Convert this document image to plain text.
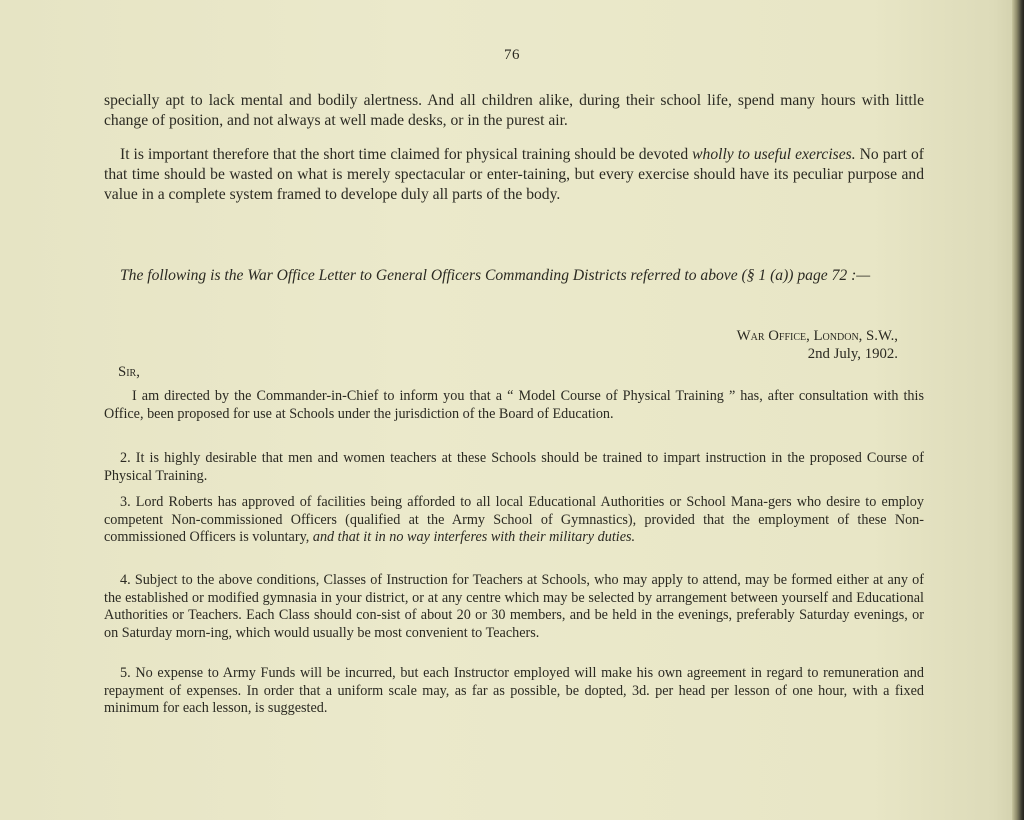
76

specially apt to lack mental and bodily alertness. And all children alike, during their school life, spend many hours with little change of position, and not always at well made desks, or in the purest air.

It is important therefore that the short time claimed for physical training should be devoted wholly to useful exercises. No part of that time should be wasted on what is merely spectacular or enter-taining, but every exercise should have its peculiar purpose and value in a complete system framed to develope duly all parts of the body.

The following is the War Office Letter to General Officers Commanding Districts referred to above (§ 1 (a)) page 72 :—

War Office, London, S.W.,

2nd July, 1902.

Sir,

I am directed by the Commander-in-Chief to inform you that a “ Model Course of Physical Training ” has, after consultation with this Office, been proposed for use at Schools under the jurisdiction of the Board of Education.

2. It is highly desirable that men and women teachers at these Schools should be trained to impart instruction in the proposed Course of Physical Training.

3. Lord Roberts has approved of facilities being afforded to all local Educational Authorities or School Mana-gers who desire to employ competent Non-commissioned Officers (qualified at the Army School of Gymnastics), provided that the employment of these Non-commissioned Officers is voluntary, and that it in no way interferes with their military duties.

4. Subject to the above conditions, Classes of Instruction for Teachers at Schools, who may apply to attend, may be formed either at any of the established or modified gymnasia in your district, or at any centre which may be selected by arrangement between yourself and Educational Authorities or Teachers. Each Class should con-sist of about 20 or 30 members, and be held in the evenings, preferably Saturday evenings, or on Saturday morn-ing, which would usually be most convenient to Teachers.

5. No expense to Army Funds will be incurred, but each Instructor employed will make his own agreement in regard to remuneration and repayment of expenses. In order that a uniform scale may, as far as possible, be dopted, 3d. per head per lesson of one hour, with a fixed minimum for each lesson, is suggested.
